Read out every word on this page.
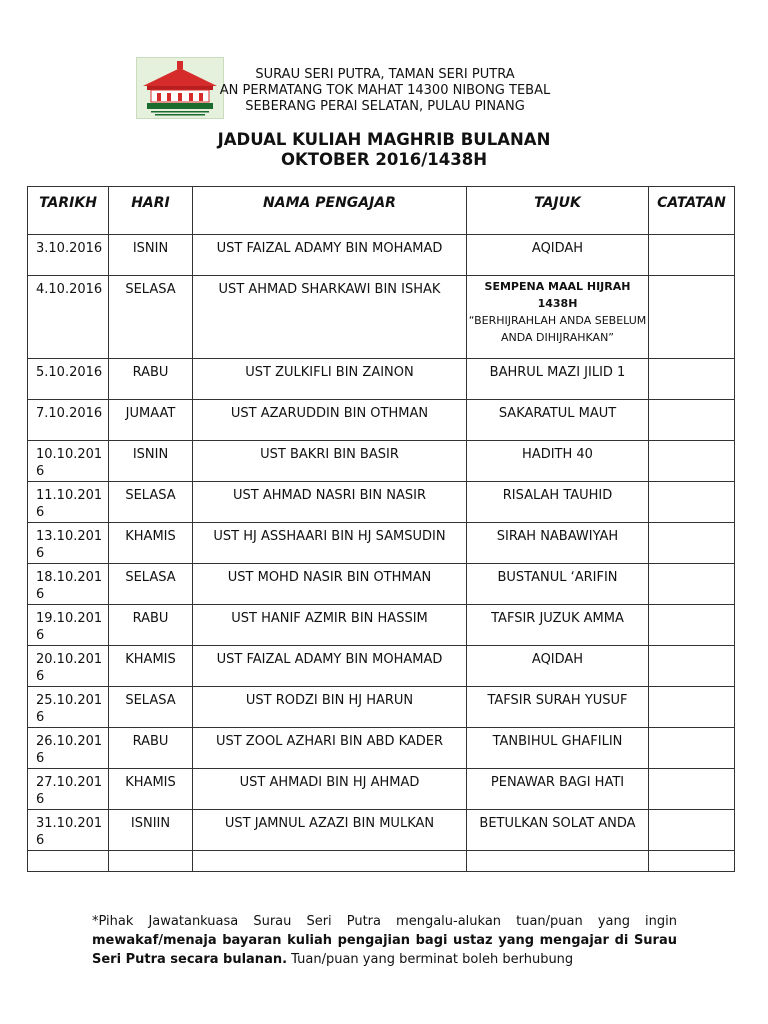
SURAU SERI PUTRA, TAMAN SERI PUTRA
AN PERMATANG TOK MAHAT 14300 NIBONG TEBAL
SEBERANG PERAI SELATAN, PULAU PINANG
JADUAL KULIAH MAGHRIB BULANAN
OKTOBER 2016/1438H
TARIKH	HARI	NAMA PENGAJAR	TAJUK	CATATAN
3.10.2016	ISNIN	UST FAIZAL ADAMY BIN MOHAMAD	AQIDAH	
4.10.2016	SELASA	UST AHMAD SHARKAWI BIN ISHAK	SEMPENA MAAL HIJRAH 1438H
“BERHIJRAHLAH ANDA SEBELUM ANDA DIHIJRAHKAN”	

5.10.2016	RABU	UST ZULKIFLI BIN ZAINON	BAHRUL MAZI JILID 1	
7.10.2016	JUMAAT	UST AZARUDDIN BIN OTHMAN	SAKARATUL MAUT	
10.10.2016	ISNIN	UST BAKRI BIN BASIR	HADITH 40	
11.10.2016	SELASA	UST AHMAD NASRI BIN NASIR	RISALAH TAUHID	
13.10.2016	KHAMIS	UST HJ ASSHAARI BIN HJ SAMSUDIN	SIRAH NABAWIYAH	
18.10.2016	SELASA	UST MOHD NASIR BIN OTHMAN	BUSTANUL ‘ARIFIN	
19.10.2016	RABU	UST HANIF AZMIR BIN HASSIM	TAFSIR JUZUK AMMA	
20.10.2016	KHAMIS	UST FAIZAL ADAMY BIN MOHAMAD	AQIDAH	
25.10.2016	SELASA	UST RODZI BIN HJ HARUN	TAFSIR SURAH YUSUF	
26.10.2016	RABU	UST ZOOL AZHARI BIN ABD KADER	TANBIHUL GHAFILIN	
27.10.2016	KHAMIS	UST AHMADI BIN HJ AHMAD	PENAWAR BAGI HATI	
31.10.2016	ISNIIN	UST JAMNUL AZAZI BIN MULKAN	BETULKAN SOLAT ANDA	

*Pihak Jawatankuasa Surau Seri Putra mengalu-alukan tuan/puan yang ingin mewakaf/menaja bayaran kuliah pengajian bagi ustaz yang mengajar di Surau Seri Putra secara bulanan. Tuan/puan yang berminat boleh berhubung
